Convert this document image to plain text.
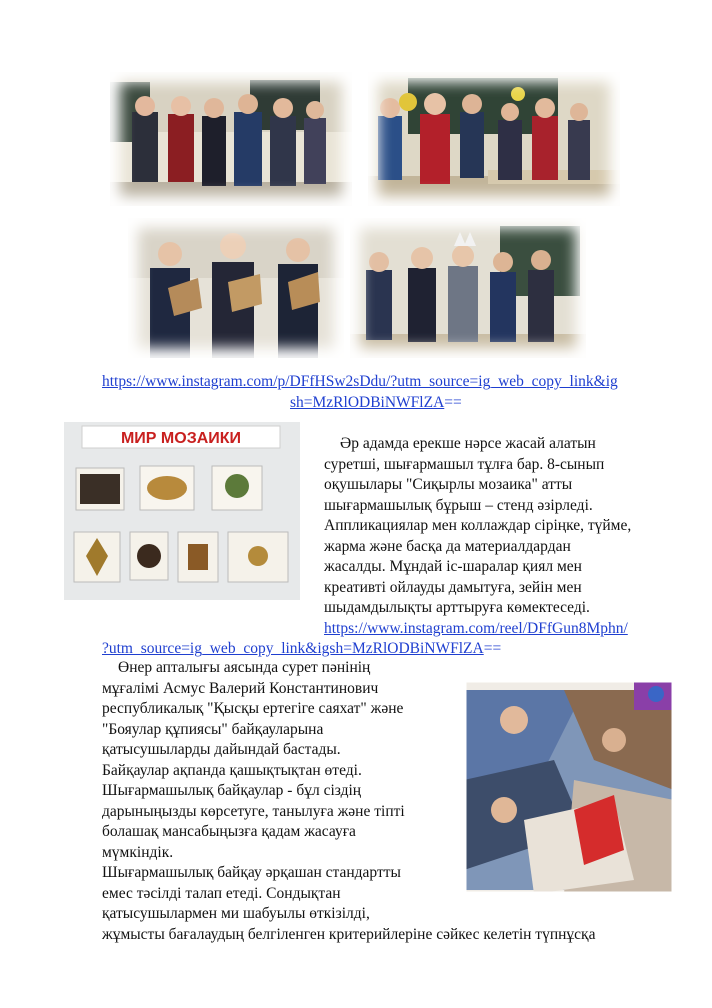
https://www.instagram.com/p/DFfHSw2sDdu/?utm_source=ig_web_copy_link&ig
sh=MzRlODBiNWFlZA==
МИР МОЗАИКИ	Әр адамда ерекше нәрсе жасай алатын
суретші, шығармашыл тұлға бар. 8-сынып
оқушылары "Сиқырлы мозаика" атты
шығармашылық бұрыш – стенд әзірледі.
Аппликациялар мен коллаждар сіріңке, түйме,
жарма және басқа да материалдардан
жасалды. Мұндай іс-шаралар қиял мен
креативті ойлауды дамытуға, зейін мен
шыдамдылықты арттыруға көмектеседі.
https://www.instagram.com/reel/DFfGun8Mphn/
?utm_source=ig_web_copy_link&igsh=MzRlODBiNWFlZA==
Өнер апталығы аясында сурет пәнінің
мұғалімі Асмус Валерий Константинович
республикалық "Қысқы ертегіге саяхат" және
"Бояулар құпиясы" байқауларына
қатысушыларды дайындай бастады.
Байқаулар ақпанда қашықтықтан өтеді.
Шығармашылық байқаулар - бұл сіздің
дарыныңызды көрсетуге, танылуға және тіпті
болашақ мансабыңызға қадам жасауға
мүмкіндік.
Шығармашылық байқау әрқашан стандартты
емес тәсілді талап етеді. Сондықтан
қатысушылармен ми шабуылы өткізілді,
жұмысты бағалаудың белгіленген критерийлеріне сәйкес келетін түпнұсқа
